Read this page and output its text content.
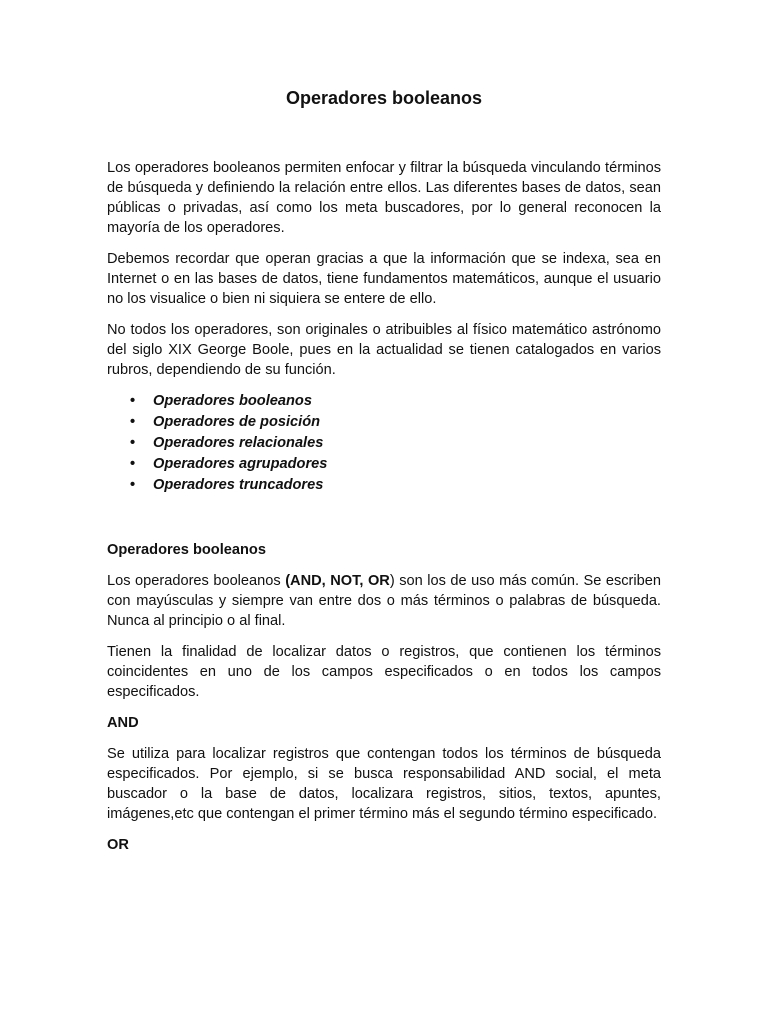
Operadores booleanos

Los operadores booleanos permiten enfocar y filtrar la búsqueda vinculando términos de búsqueda y definiendo la relación entre ellos. Las diferentes bases de datos, sean públicas o privadas, así como los meta buscadores, por lo general reconocen la mayoría de los operadores.

Debemos recordar que operan gracias a que la información que se indexa, sea en Internet o en las bases de datos, tiene fundamentos matemáticos, aunque el usuario no los visualice o bien ni siquiera se entere de ello.

No todos los operadores, son originales o atribuibles al físico matemático astrónomo del siglo XIX George Boole, pues en la actualidad se tienen catalogados en varios rubros, dependiendo de su función.

• Operadores booleanos
• Operadores de posición
• Operadores relacionales
• Operadores agrupadores
• Operadores truncadores

Operadores booleanos

Los operadores booleanos (AND, NOT, OR) son los de uso más común. Se escriben con mayúsculas y siempre van entre dos o más términos o palabras de búsqueda. Nunca al principio o al final.

Tienen la finalidad de localizar datos o registros, que contienen los términos coincidentes en uno de los campos especificados o en todos los campos especificados.

AND

Se utiliza para localizar registros que contengan todos los términos de búsqueda especificados. Por ejemplo, si se busca responsabilidad AND social, el meta buscador o la base de datos, localizara registros, sitios, textos, apuntes, imágenes,etc que contengan el primer término más el segundo término especificado.

OR
